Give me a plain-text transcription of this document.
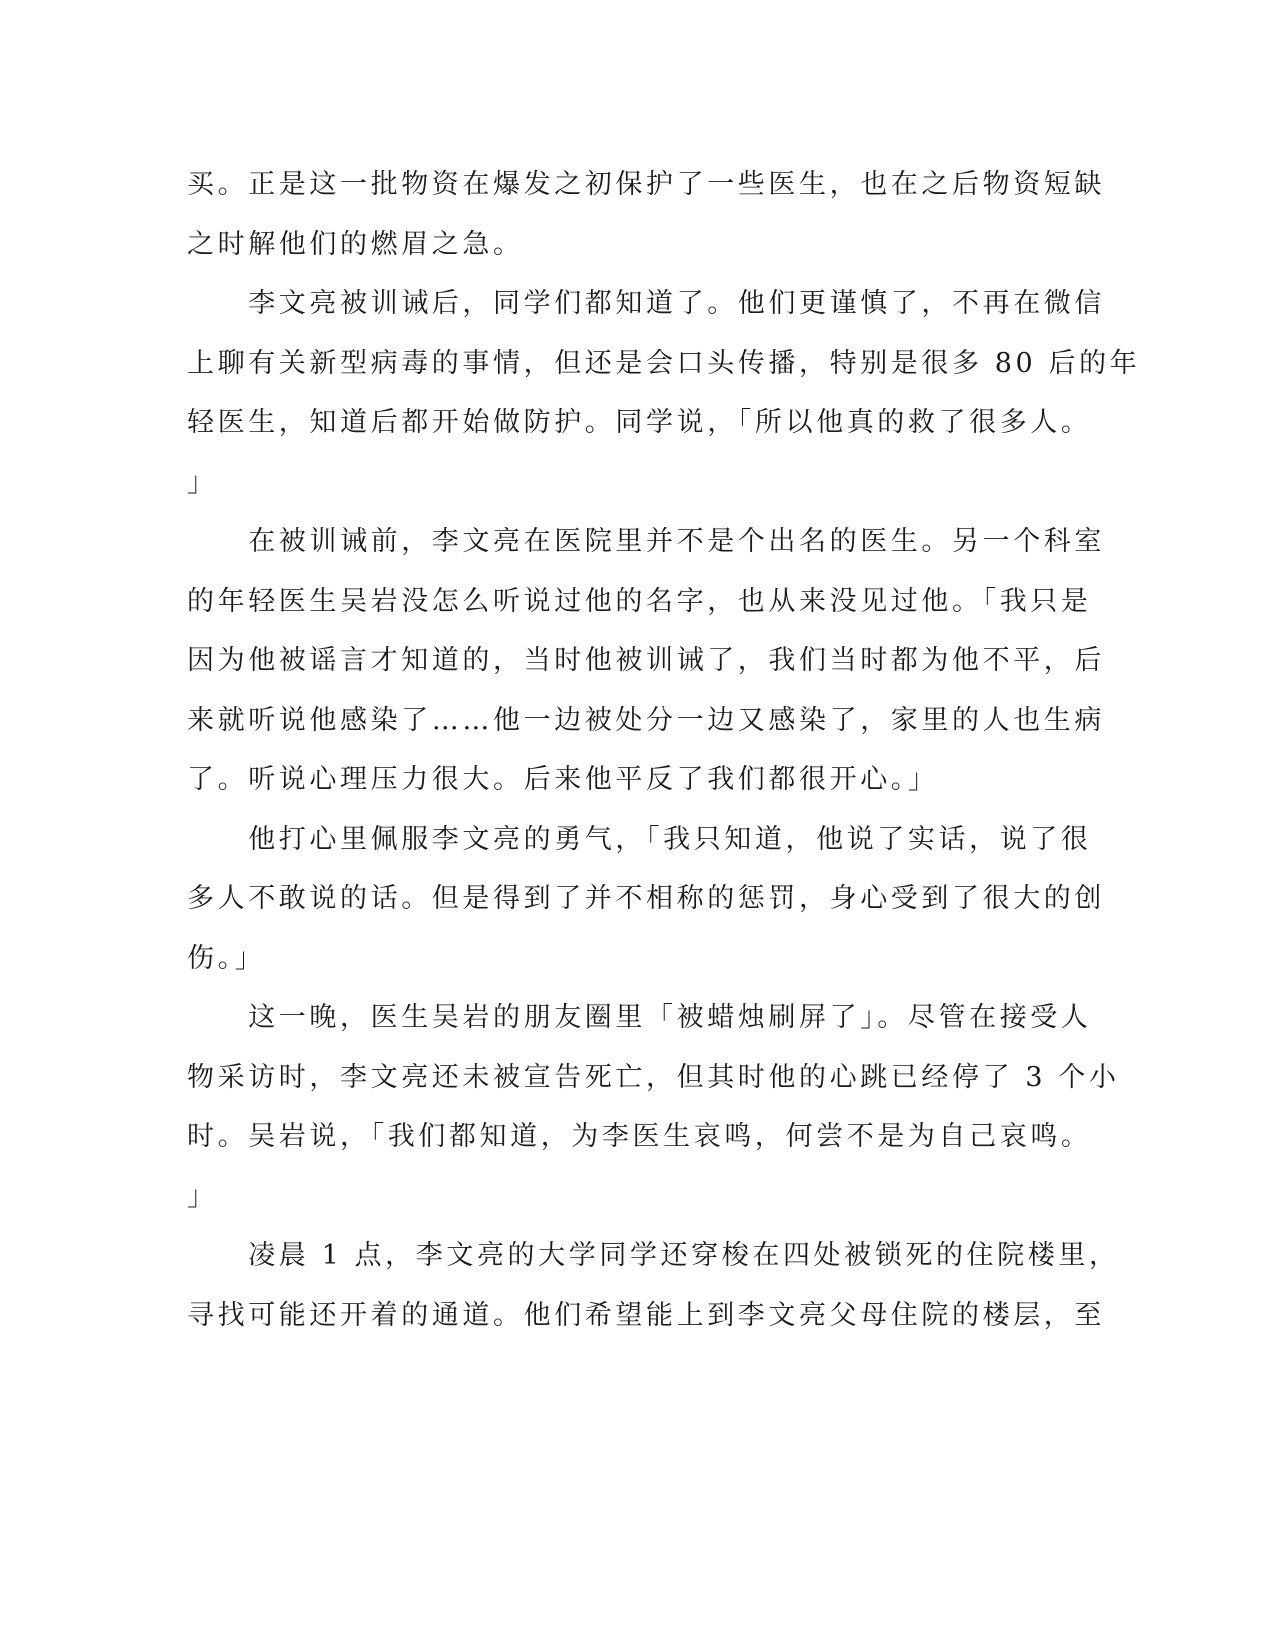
买。正是这一批物资在爆发之初保护了一些医生，也在之后物资短缺
之时解他们的燃眉之急。
　　李文亮被训诫后，同学们都知道了。他们更谨慎了，不再在微信
上聊有关新型病毒的事情，但还是会口头传播，特别是很多 80 后的年
轻医生，知道后都开始做防护。同学说，「所以他真的救了很多人。
」
　　在被训诫前，李文亮在医院里并不是个出名的医生。另一个科室
的年轻医生吴岩没怎么听说过他的名字，也从来没见过他。「我只是
因为他被谣言才知道的，当时他被训诫了，我们当时都为他不平，后
来就听说他感染了……他一边被处分一边又感染了，家里的人也生病
了。听说心理压力很大。后来他平反了我们都很开心。」
　　他打心里佩服李文亮的勇气，「我只知道，他说了实话，说了很
多人不敢说的话。但是得到了并不相称的惩罚，身心受到了很大的创
伤。」
　　这一晚，医生吴岩的朋友圈里「被蜡烛刷屏了」。尽管在接受人
物采访时，李文亮还未被宣告死亡，但其时他的心跳已经停了 3 个小
时。吴岩说，「我们都知道，为李医生哀鸣，何尝不是为自己哀鸣。
」
　　凌晨 1 点，李文亮的大学同学还穿梭在四处被锁死的住院楼里，
寻找可能还开着的通道。他们希望能上到李文亮父母住院的楼层，至
